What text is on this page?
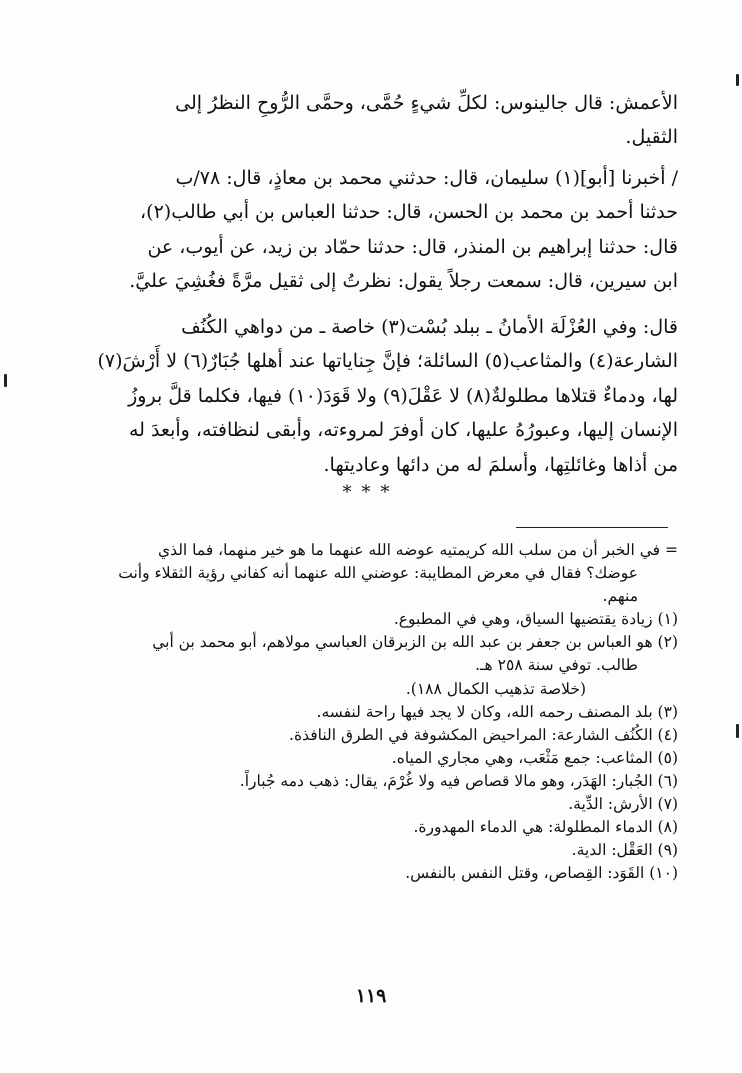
الأعمش: قال جالينوس: لكلِّ شيءٍ حُمَّى، وحمَّى الرُّوحِ النظرُ إلى
الثقيل.
/ أخبرنا [أبو](١) سليمان، قال: حدثني محمد بن معاذٍ، قال: ٧٨/ب
حدثنا أحمد بن محمد بن الحسن، قال: حدثنا العباس بن أبي طالب(٢)،
قال: حدثنا إبراهيم بن المنذر، قال: حدثنا حمّاد بن زيد، عن أيوب، عن
ابن سيرين، قال: سمعت رجلاً يقول: نظرتُ إلى ثقيل مرَّةً فغُشِيَ عليَّ.
قال: وفي العُزْلَة الأمانُ ـ ببلد بُسْت(٣) خاصة ـ من دواهي الكُنُف
الشارعة(٤) والمثاعب(٥) السائلة؛ فإنَّ جِناياتها عند أهلها جُبَارٌ(٦) لا أَرْشَ(٧)
لها، ودماءٌ قتلاها مطلولةٌ(٨) لا عَقْلَ(٩) ولا قَوَدَ(١٠) فيها، فكلما قلَّ بروزُ
الإنسان إليها، وعبورُهُ عليها، كان أوفرَ لمروءته، وأبقى لنظافته، وأبعدَ له
من أذاها وغائلتِها، وأسلمَ له من دائها وعاديتها.
***
= في الخبر أن من سلب الله كريمتيه عوضه الله عنهما ما هو خير منهما، فما الذي
عوضك؟ فقال في معرض المطايبة: عوضني الله عنهما أنه كفاني رؤية الثقلاء وأنت
منهم.
(١) زيادة يقتضيها السياق، وهي في المطبوع.
(٢) هو العباس بن جعفر بن عبد الله بن الزبرقان العباسي مولاهم، أبو محمد بن أبي
طالب. توفي سنة ٢٥٨ هـ.
(خلاصة تذهيب الكمال ١٨٨).
(٣) بلد المصنف رحمه الله، وكان لا يجد فيها راحة لنفسه.
(٤) الكُنُف الشارعة: المراحيض المكشوفة في الطرق النافذة.
(٥) المثاعب: جمع مَثْعَب، وهي مجاري المياه.
(٦) الجُبار: الهَدَر، وهو مالا قصاص فيه ولا غُرْمَ، يقال: ذهب دمه جُباراً.
(٧) الأرش: الدِّية.
(٨) الدماء المطلولة: هي الدماء المهدورة.
(٩) العَقْل: الدية.
(١٠) القَوَد: القِصاص، وقتل النفس بالنفس.
١١٩
